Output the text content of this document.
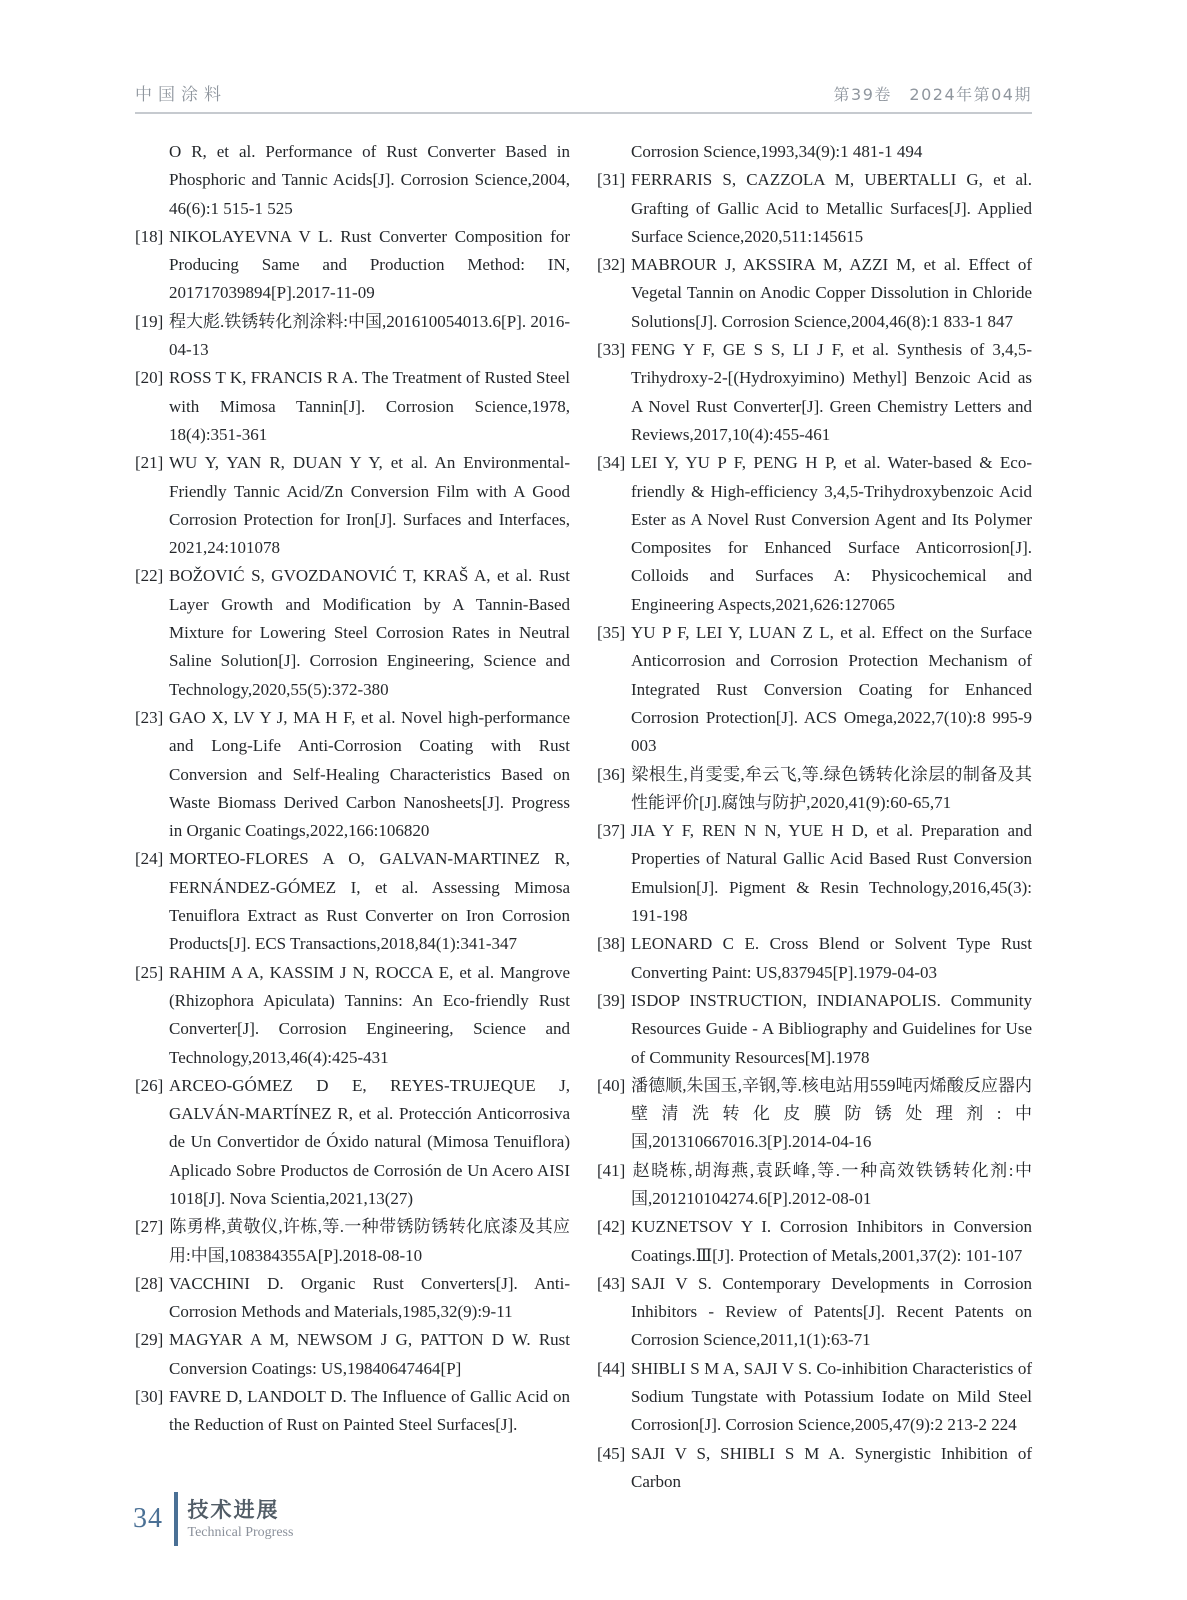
中国涂料	第39卷　2024年第04期
O R, et al. Performance of Rust Converter Based in Phosphoric and Tannic Acids[J]. Corrosion Science,2004, 46(6):1 515-1 525
[18] NIKOLAYEVNA V L. Rust Converter Composition for Producing Same and Production Method: IN, 201717039894[P].2017-11-09
[19] 程大彪.铁锈转化剂涂料:中国,201610054013.6[P]. 2016-04-13
[20] ROSS T K, FRANCIS R A. The Treatment of Rusted Steel with Mimosa Tannin[J]. Corrosion Science,1978, 18(4):351-361
[21] WU Y, YAN R, DUAN Y Y, et al. An Environmental-Friendly Tannic Acid/Zn Conversion Film with A Good Corrosion Protection for Iron[J]. Surfaces and Interfaces, 2021,24:101078
[22] BOŽOVIĆ S, GVOZDANOVIĆ T, KRAŠ A, et al. Rust Layer Growth and Modification by A Tannin-Based Mixture for Lowering Steel Corrosion Rates in Neutral Saline Solution[J]. Corrosion Engineering, Science and Technology,2020,55(5):372-380
[23] GAO X, LV Y J, MA H F, et al. Novel high-performance and Long-Life Anti-Corrosion Coating with Rust Conversion and Self-Healing Characteristics Based on Waste Biomass Derived Carbon Nanosheets[J]. Progress in Organic Coatings,2022,166:106820
[24] MORTEO-FLORES A O, GALVAN-MARTINEZ R, FERNÁNDEZ-GÓMEZ I, et al. Assessing Mimosa Tenuiflora Extract as Rust Converter on Iron Corrosion Products[J]. ECS Transactions,2018,84(1):341-347
[25] RAHIM A A, KASSIM J N, ROCCA E, et al. Mangrove (Rhizophora Apiculata) Tannins: An Eco-friendly Rust Converter[J]. Corrosion Engineering, Science and Technology,2013,46(4):425-431
[26] ARCEO-GÓMEZ D E, REYES-TRUJEQUE J, GALVÁN-MARTÍNEZ R, et al. Protección Anticorrosiva de Un Convertidor de Óxido natural (Mimosa Tenuiflora) Aplicado Sobre Productos de Corrosión de Un Acero AISI 1018[J]. Nova Scientia,2021,13(27)
[27] 陈勇桦,黄敬仪,许栋,等.一种带锈防锈转化底漆及其应用:中国,108384355A[P].2018-08-10
[28] VACCHINI D. Organic Rust Converters[J]. Anti-Corrosion Methods and Materials,1985,32(9):9-11
[29] MAGYAR A M, NEWSOM J G, PATTON D W. Rust Conversion Coatings: US,19840647464[P]
[30] FAVRE D, LANDOLT D. The Influence of Gallic Acid on the Reduction of Rust on Painted Steel Surfaces[J].
Corrosion Science,1993,34(9):1 481-1 494
[31] FERRARIS S, CAZZOLA M, UBERTALLI G, et al. Grafting of Gallic Acid to Metallic Surfaces[J]. Applied Surface Science,2020,511:145615
[32] MABROUR J, AKSSIRA M, AZZI M, et al. Effect of Vegetal Tannin on Anodic Copper Dissolution in Chloride Solutions[J]. Corrosion Science,2004,46(8):1 833-1 847
[33] FENG Y F, GE S S, LI J F, et al. Synthesis of 3,4,5-Trihydroxy-2-[(Hydroxyimino) Methyl] Benzoic Acid as A Novel Rust Converter[J]. Green Chemistry Letters and Reviews,2017,10(4):455-461
[34] LEI Y, YU P F, PENG H P, et al. Water-based & Eco-friendly & High-efficiency 3,4,5-Trihydroxybenzoic Acid Ester as A Novel Rust Conversion Agent and Its Polymer Composites for Enhanced Surface Anticorrosion[J]. Colloids and Surfaces A: Physicochemical and Engineering Aspects,2021,626:127065
[35] YU P F, LEI Y, LUAN Z L, et al. Effect on the Surface Anticorrosion and Corrosion Protection Mechanism of Integrated Rust Conversion Coating for Enhanced Corrosion Protection[J]. ACS Omega,2022,7(10):8 995-9 003
[36] 梁根生,肖雯雯,牟云飞,等.绿色锈转化涂层的制备及其性能评价[J].腐蚀与防护,2020,41(9):60-65,71
[37] JIA Y F, REN N N, YUE H D, et al. Preparation and Properties of Natural Gallic Acid Based Rust Conversion Emulsion[J]. Pigment & Resin Technology,2016,45(3): 191-198
[38] LEONARD C E. Cross Blend or Solvent Type Rust Converting Paint: US,837945[P].1979-04-03
[39] ISDOP INSTRUCTION, INDIANAPOLIS. Community Resources Guide - A Bibliography and Guidelines for Use of Community Resources[M].1978
[40] 潘德顺,朱国玉,辛钢,等.核电站用559吨丙烯酸反应器内壁清洗转化皮膜防锈处理剂:中国,201310667016.3[P].2014-04-16
[41] 赵晓栋,胡海燕,袁跃峰,等.一种高效铁锈转化剂:中国,201210104274.6[P].2012-08-01
[42] KUZNETSOV Y I. Corrosion Inhibitors in Conversion Coatings.Ⅲ[J]. Protection of Metals,2001,37(2): 101-107
[43] SAJI V S. Contemporary Developments in Corrosion Inhibitors - Review of Patents[J]. Recent Patents on Corrosion Science,2011,1(1):63-71
[44] SHIBLI S M A, SAJI V S. Co-inhibition Characteristics of Sodium Tungstate with Potassium Iodate on Mild Steel Corrosion[J]. Corrosion Science,2005,47(9):2 213-2 224
[45] SAJI V S, SHIBLI S M A. Synergistic Inhibition of Carbon
34 技术进展
Technical Progress
